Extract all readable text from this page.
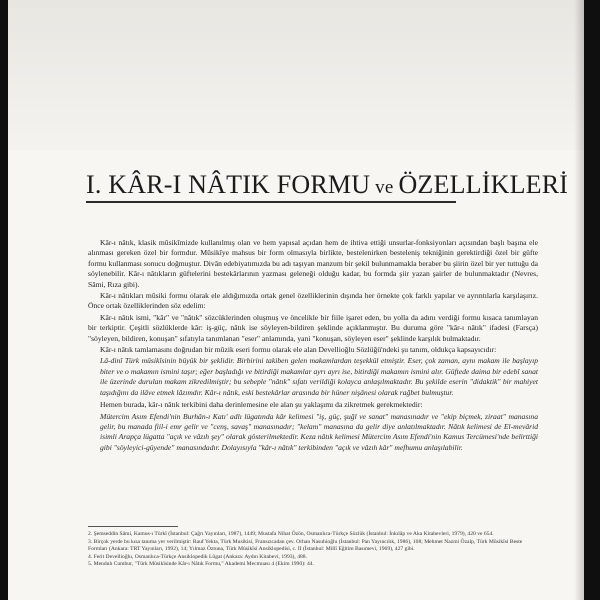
I. KÂR-I NÂTIK FORMU ve ÖZELLİKLERİ

Kâr-ı nâtık, klasik mûsikîmizde kullanılmış olan ve hem yapısal açıdan hem de ihtiva ettiği unsurlar-fonksiyonları açısından başlı başına ele alınması gereken özel bir formdur. Mûsikîye mahsus bir form olmasıyla birlikte, bestelenirken besteleniş tekniğinin gerektirdiği özel bir güfte formu kullanması sonucu doğmuştur. Divân edebiyatımızda bu adı taşıyan manzum bir şekil bulunmamakla beraber bu şiirin özel bir yer tuttuğu da söylenebilir. Kâr-ı nâtıkların güftelerini bestekârlarının yazması geleneği olduğu kadar, bu formda şiir yazan şairler de bulunmaktadır (Nevres, Sâmi, Rıza gibi).

Kâr-ı nâtıkları mûsiki formu olarak ele aldığımızda ortak genel özelliklerinin dışında her örnekte çok farklı yapılar ve ayrıntılarla karşılaşırız. Önce ortak özelliklerinden söz edelim:

Kâr-ı nâtık ismi, "kâr" ve "nâtık" sözcüklerinden oluşmuş ve öncelikle bir fiile işaret eden, bu yolla da adını verdiği formu kısaca tanımlayan bir terkiptir. Çeşitli sözlüklerde kâr: iş-güç, nâtık ise söyleyen-bildiren şeklinde açıklanmıştır. Bu duruma göre "kâr-ı nâtık" ifadesi (Farsça) "söyleyen, bildiren, konuşan" sıfatıyla tanımlanan "eser" anlamında, yani "konuşan, söyleyen eser" şeklinde karşılık bulmaktadır.

Kâr-ı nâtık tamlamasını doğrudan bir mûzik eseri formu olarak ele alan Devellioğlu Sözlüğü'ndeki şu tanım, oldukça kapsayıcıdır:

Lâ-dinî Türk mûsikîsinin büyük bir şeklidir. Birbirini takiben gelen makamlardan teşekkül etmiştir. Eser, çok zaman, aynı makam ile başlayıp biter ve o makamın ismini taşır; eğer başladığı ve bitirdiği makamlar ayrı ayrı ise, bitirdiği makamın ismini alır. Güftede daima bir edebî sanat ile üzerinde durulan makam zikredilmiştir; bu sebeple "nâtık" sıfatı verildiği kolayca anlaşılmaktadır. Bu şekilde eserin "didaktik" bir mahiyet taşıdığını da ilâve etmek lâzımdır. Kâr-ı nâtık, eski bestekârlar arasında bir hüner nişânesi olarak rağbet bulmuştur.

Hemen burada, kâr-ı nâtık terkibini daha derinlemesine ele alan şu yaklaşımı da zikretmek gerekmektedir:

Mütercim Asım Efendi'nin Burhân-ı Katı' adlı lügatında kâr kelimesi "iş, güç, şuğl ve sanat" manasınadır ve "ekip biçmek, ziraat" manasına gelir, bu manada fiil-i emr gelir ve "cenş, savaş" manasınadır; "kelam" manasına da gelir diye anlatılmaktadır. Nâtık kelimesi de El-mevârid isimli Arapça lügatta "açık ve vâzıh şey" olarak gösterilmektedir. Keza nâtık kelimesi Mütercim Asım Efendi'nin Kamus Tercümesi'nde belirttiği gibi "söyleyici-güyende" manasındadır. Dolayısıyla "kâr-ı nâtık" terkibinden "açık ve vâzıh kâr" mefhumu anlaşılabilir.

2. Şemseddin Sâmi, Kamus-ı Türkî (İstanbul: Çağrı Yayınları, 1987), 1449; Mustafa Nihat Özön, Osmanlıca-Türkçe Sözlük (İstanbul: İnkılâp ve Aka Kitabevleri, 1979), 420 ve 654.
3. Birçok yerde bu kısa tanıma yer verilmiştir: Rauf Yekta, Türk Musikisi, Fransızcadan çev. Orhan Nasuhioğlu (İstanbul: Pan Yayıncılık, 1986), 108; Mehmet Nazmi Özalp, Türk Mûsikîsi Beste Formları (Ankara: TRT Yayınları, 1992), 14; Yılmaz Öztuna, Türk Mûsikîsi Ansiklopedisi, c. II (İstanbul: Millî Eğitim Basımevi, 1969), 427 gibi.
4. Ferit Devellioğlu, Osmanlıca-Türkçe Ansiklopedik Lûgat (Ankara: Aydın Kitabevi, 1993), 488.
5. Menduh Cumbur, "Türk Mûsikîsinde Kâr-ı Nâtık Formu," Akademi Mecmuası 4 (Ekim 1990): 44.
